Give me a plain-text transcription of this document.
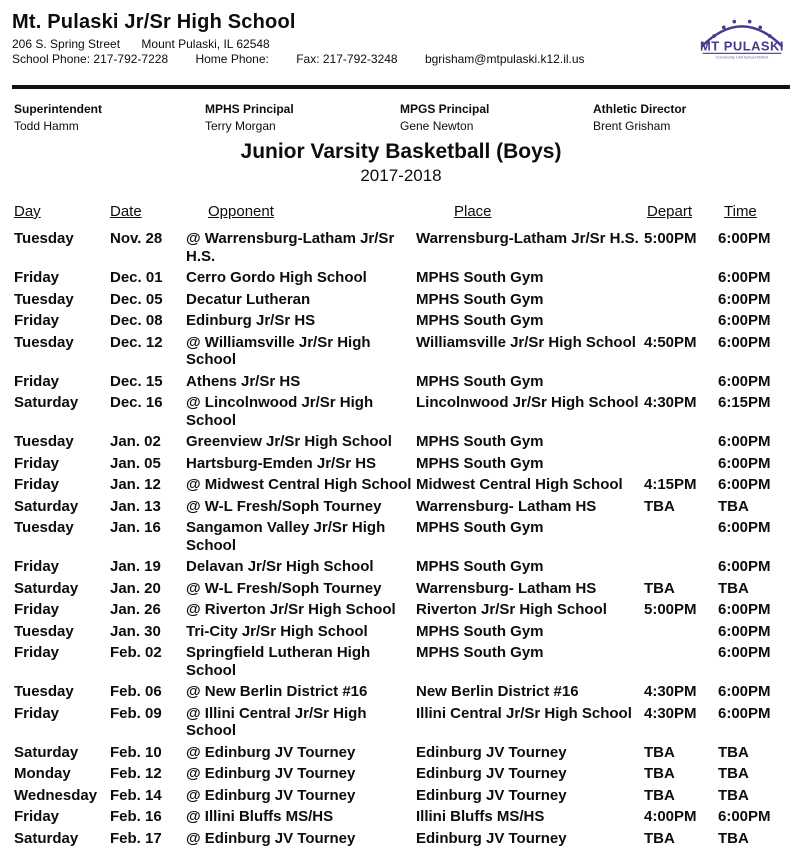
Mt. Pulaski Jr/Sr High School
206 S. Spring Street Mount Pulaski, IL 62548
School Phone: 217-792-7228 Home Phone: Fax: 217-792-3248 bgrisham@mtpulaski.k12.il.us
MT PULASKI
Community Unit School District
Superintendent
Todd Hamm
MPHS Principal
Terry Morgan
MPGS Principal
Gene Newton
Athletic Director
Brent Grisham
Junior Varsity Basketball (Boys)
2017-2018
Day	Date	Opponent	Place	Depart	Time
Tuesday	Nov. 28	@ Warrensburg-Latham Jr/Sr H.S.	Warrensburg-Latham Jr/Sr H.S.	5:00PM	6:00PM
Friday	Dec. 01	Cerro Gordo High School	MPHS South Gym		6:00PM
Tuesday	Dec. 05	Decatur Lutheran	MPHS South Gym		6:00PM
Friday	Dec. 08	Edinburg Jr/Sr HS	MPHS South Gym		6:00PM
Tuesday	Dec. 12	@ Williamsville Jr/Sr High School	Williamsville Jr/Sr High School	4:50PM	6:00PM
Friday	Dec. 15	Athens Jr/Sr HS	MPHS South Gym		6:00PM
Saturday	Dec. 16	@ Lincolnwood Jr/Sr High School	Lincolnwood Jr/Sr High School	4:30PM	6:15PM
Tuesday	Jan. 02	Greenview Jr/Sr High School	MPHS South Gym		6:00PM
Friday	Jan. 05	Hartsburg-Emden Jr/Sr HS	MPHS South Gym		6:00PM
Friday	Jan. 12	@ Midwest Central High School	Midwest Central High School	4:15PM	6:00PM
Saturday	Jan. 13	@ W-L Fresh/Soph Tourney	Warrensburg- Latham HS	TBA	TBA
Tuesday	Jan. 16	Sangamon Valley Jr/Sr High School	MPHS South Gym		6:00PM
Friday	Jan. 19	Delavan Jr/Sr High School	MPHS South Gym		6:00PM
Saturday	Jan. 20	@ W-L Fresh/Soph Tourney	Warrensburg- Latham HS	TBA	TBA
Friday	Jan. 26	@ Riverton Jr/Sr High School	Riverton Jr/Sr High School	5:00PM	6:00PM
Tuesday	Jan. 30	Tri-City Jr/Sr High School	MPHS South Gym		6:00PM
Friday	Feb. 02	Springfield Lutheran High School	MPHS South Gym		6:00PM
Tuesday	Feb. 06	@ New Berlin District #16	New Berlin District #16	4:30PM	6:00PM
Friday	Feb. 09	@ Illini Central Jr/Sr High School	Illini Central Jr/Sr High School	4:30PM	6:00PM
Saturday	Feb. 10	@ Edinburg JV Tourney	Edinburg JV Tourney	TBA	TBA
Monday	Feb. 12	@ Edinburg JV Tourney	Edinburg JV Tourney	TBA	TBA
Wednesday	Feb. 14	@ Edinburg JV Tourney	Edinburg JV Tourney	TBA	TBA
Friday	Feb. 16	@ Illini Bluffs MS/HS	Illini Bluffs MS/HS	4:00PM	6:00PM
Saturday	Feb. 17	@ Edinburg JV Tourney	Edinburg JV Tourney	TBA	TBA
